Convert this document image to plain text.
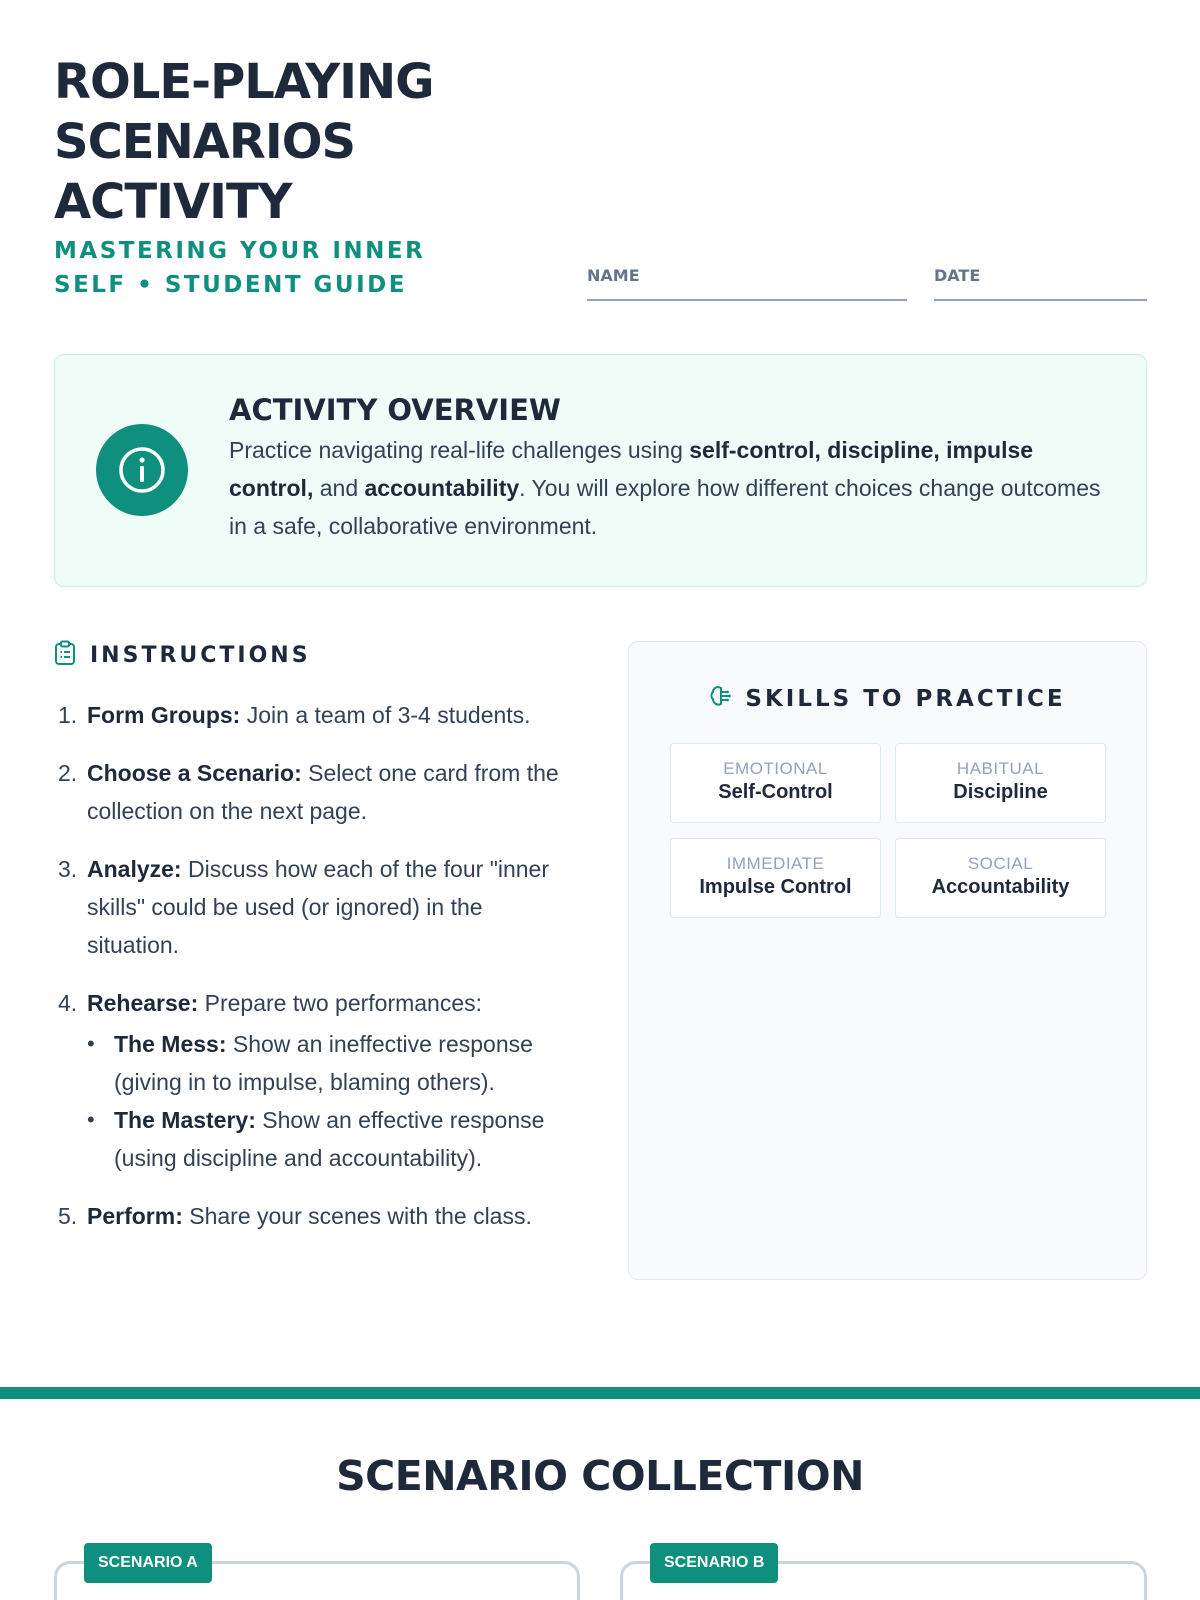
ROLE-PLAYING SCENARIOS ACTIVITY
MASTERING YOUR INNER SELF • STUDENT GUIDE	NAME	DATE
ACTIVITY OVERVIEW

Practice navigating real-life challenges using self-control, discipline, impulse control, and accountability. You will explore how different choices change outcomes in a safe, collaborative environment.

INSTRUCTIONS
1. Form Groups: Join a team of 3-4 students.
2. Choose a Scenario: Select one card from the collection on the next page.
3. Analyze: Discuss how each of the four "inner skills" could be used (or ignored) in the situation.
4. Rehearse: Prepare two performances:
• The Mess: Show an ineffective response (giving in to impulse, blaming others).
• The Mastery: Show an effective response (using discipline and accountability).
5. Perform: Share your scenes with the class.
SKILLS TO PRACTICE
EMOTIONAL
Self-Control
HABITUAL
Discipline
IMMEDIATE
Impulse Control
SOCIAL
Accountability
SCENARIO COLLECTION
SCENARIO A	SCENARIO B
